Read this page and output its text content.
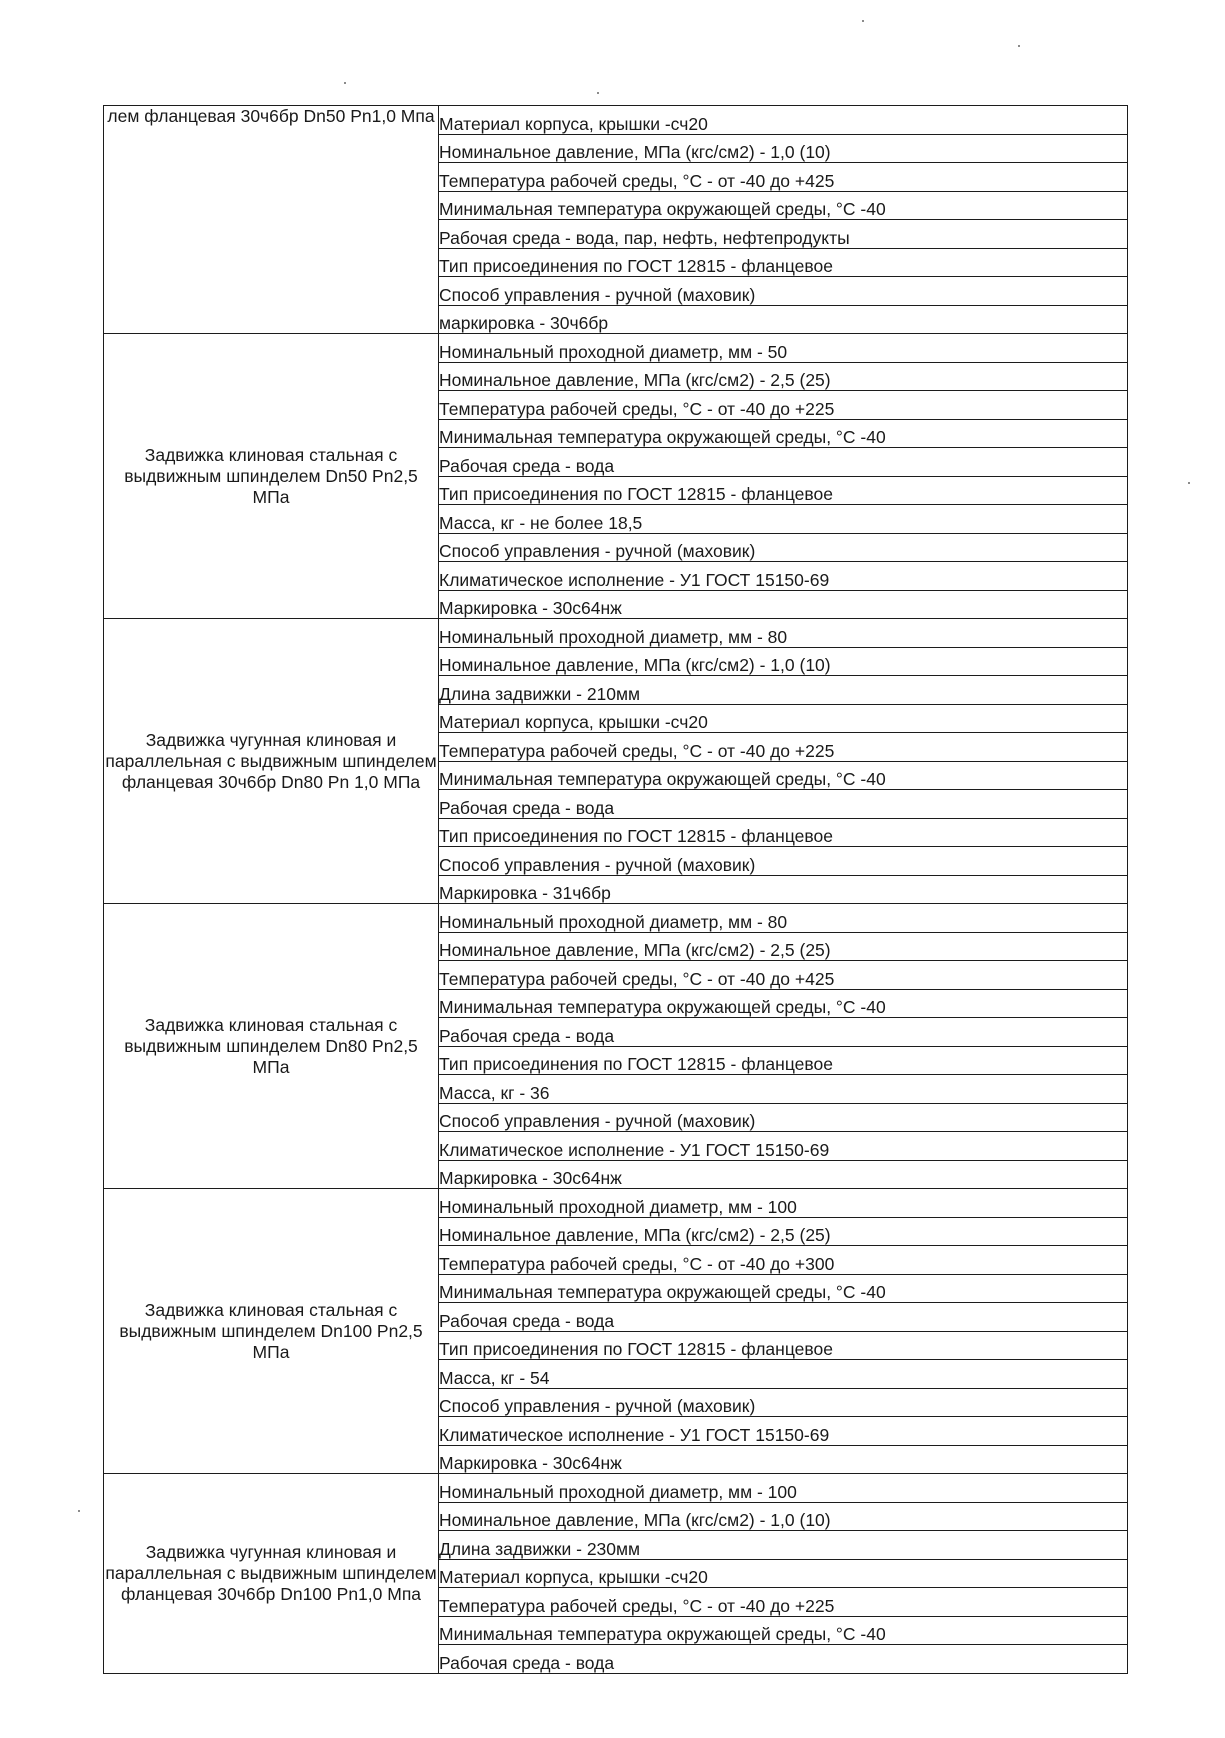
лем фланцевая 30ч6бр Dn50 Pn1,0 Мпа	Материал корпуса, крышки -сч20
	Номинальное давление, МПа (кгс/см2) - 1,0 (10)
	Температура рабочей среды, °С - от -40 до +425
	Минимальная температура окружающей среды, °С -40
	Рабочая среда - вода, пар, нефть, нефтепродукты
	Тип присоединения по ГОСТ 12815 - фланцевое
	Способ управления - ручной (маховик)
	маркировка - 30ч6бр
Задвижка клиновая стальная с выдвижным шпинделем Dn50 Pn2,5 МПа	Номинальный проходной диаметр, мм - 50
	Номинальное давление, МПа (кгс/см2) - 2,5 (25)
	Температура рабочей среды, °С - от -40 до +225
	Минимальная температура окружающей среды, °С -40
	Рабочая среда - вода
	Тип присоединения по ГОСТ 12815 - фланцевое
	Масса, кг - не более 18,5
	Способ управления - ручной (маховик)
	Климатическое исполнение - У1 ГОСТ 15150-69
	Маркировка - 30с64нж
Задвижка чугунная клиновая и параллельная с выдвижным шпинделем фланцевая 30ч6бр Dn80 Pn 1,0 МПа	Номинальный проходной диаметр, мм - 80
	Номинальное давление, МПа (кгс/см2) - 1,0 (10)
	Длина задвижки - 210мм
	Материал корпуса, крышки -сч20
	Температура рабочей среды, °С - от -40 до +225
	Минимальная температура окружающей среды, °С -40
	Рабочая среда - вода
	Тип присоединения по ГОСТ 12815 - фланцевое
	Способ управления - ручной (маховик)
	Маркировка - 31ч6бр
Задвижка клиновая стальная с выдвижным шпинделем Dn80 Pn2,5 МПа	Номинальный проходной диаметр, мм - 80
	Номинальное давление, МПа (кгс/см2) - 2,5 (25)
	Температура рабочей среды, °С - от -40 до +425
	Минимальная температура окружающей среды, °С -40
	Рабочая среда - вода
	Тип присоединения по ГОСТ 12815 - фланцевое
	Масса, кг - 36
	Способ управления - ручной (маховик)
	Климатическое исполнение - У1 ГОСТ 15150-69
	Маркировка - 30с64нж
Задвижка клиновая стальная с выдвижным шпинделем Dn100 Pn2,5 МПа	Номинальный проходной диаметр, мм - 100
	Номинальное давление, МПа (кгс/см2) - 2,5 (25)
	Температура рабочей среды, °С - от -40 до +300
	Минимальная температура окружающей среды, °С -40
	Рабочая среда - вода
	Тип присоединения по ГОСТ 12815 - фланцевое
	Масса, кг - 54
	Способ управления - ручной (маховик)
	Климатическое исполнение - У1 ГОСТ 15150-69
	Маркировка - 30с64нж
Задвижка чугунная клиновая и параллельная с выдвижным шпинделем фланцевая 30ч6бр Dn100 Pn1,0 Мпа	Номинальный проходной диаметр, мм - 100
	Номинальное давление, МПа (кгс/см2) - 1,0 (10)
	Длина задвижки - 230мм
	Материал корпуса, крышки -сч20
	Температура рабочей среды, °С - от -40 до +225
	Минимальная температура окружающей среды, °С -40
	Рабочая среда - вода
